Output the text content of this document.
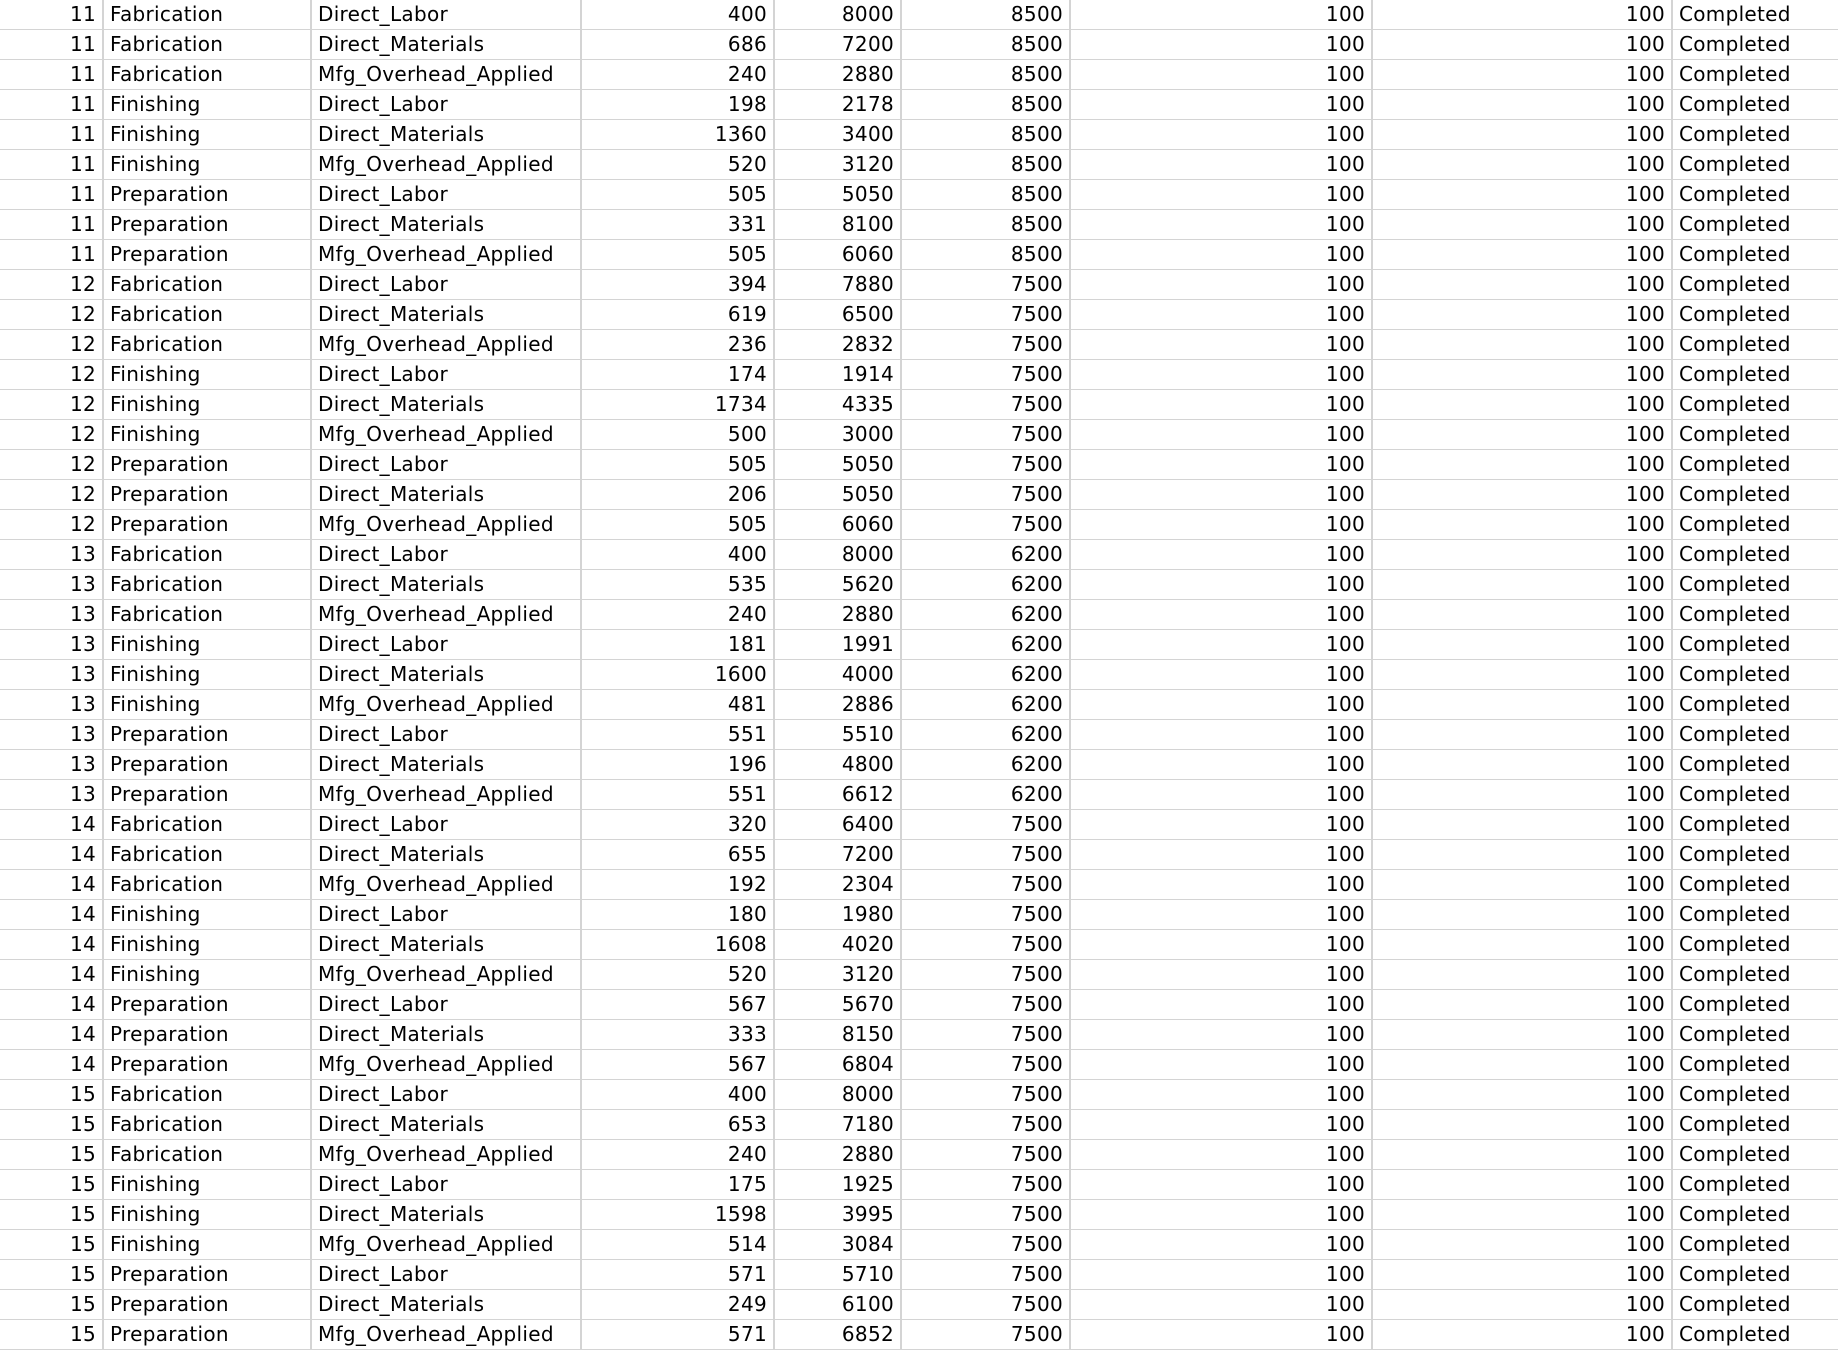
11	Fabrication	Direct_Labor	400	8000	8500	100	100	Completed
11	Fabrication	Direct_Materials	686	7200	8500	100	100	Completed
11	Fabrication	Mfg_Overhead_Applied	240	2880	8500	100	100	Completed
11	Finishing	Direct_Labor	198	2178	8500	100	100	Completed
11	Finishing	Direct_Materials	1360	3400	8500	100	100	Completed
11	Finishing	Mfg_Overhead_Applied	520	3120	8500	100	100	Completed
11	Preparation	Direct_Labor	505	5050	8500	100	100	Completed
11	Preparation	Direct_Materials	331	8100	8500	100	100	Completed
11	Preparation	Mfg_Overhead_Applied	505	6060	8500	100	100	Completed
12	Fabrication	Direct_Labor	394	7880	7500	100	100	Completed
12	Fabrication	Direct_Materials	619	6500	7500	100	100	Completed
12	Fabrication	Mfg_Overhead_Applied	236	2832	7500	100	100	Completed
12	Finishing	Direct_Labor	174	1914	7500	100	100	Completed
12	Finishing	Direct_Materials	1734	4335	7500	100	100	Completed
12	Finishing	Mfg_Overhead_Applied	500	3000	7500	100	100	Completed
12	Preparation	Direct_Labor	505	5050	7500	100	100	Completed
12	Preparation	Direct_Materials	206	5050	7500	100	100	Completed
12	Preparation	Mfg_Overhead_Applied	505	6060	7500	100	100	Completed
13	Fabrication	Direct_Labor	400	8000	6200	100	100	Completed
13	Fabrication	Direct_Materials	535	5620	6200	100	100	Completed
13	Fabrication	Mfg_Overhead_Applied	240	2880	6200	100	100	Completed
13	Finishing	Direct_Labor	181	1991	6200	100	100	Completed
13	Finishing	Direct_Materials	1600	4000	6200	100	100	Completed
13	Finishing	Mfg_Overhead_Applied	481	2886	6200	100	100	Completed
13	Preparation	Direct_Labor	551	5510	6200	100	100	Completed
13	Preparation	Direct_Materials	196	4800	6200	100	100	Completed
13	Preparation	Mfg_Overhead_Applied	551	6612	6200	100	100	Completed
14	Fabrication	Direct_Labor	320	6400	7500	100	100	Completed
14	Fabrication	Direct_Materials	655	7200	7500	100	100	Completed
14	Fabrication	Mfg_Overhead_Applied	192	2304	7500	100	100	Completed
14	Finishing	Direct_Labor	180	1980	7500	100	100	Completed
14	Finishing	Direct_Materials	1608	4020	7500	100	100	Completed
14	Finishing	Mfg_Overhead_Applied	520	3120	7500	100	100	Completed
14	Preparation	Direct_Labor	567	5670	7500	100	100	Completed
14	Preparation	Direct_Materials	333	8150	7500	100	100	Completed
14	Preparation	Mfg_Overhead_Applied	567	6804	7500	100	100	Completed
15	Fabrication	Direct_Labor	400	8000	7500	100	100	Completed
15	Fabrication	Direct_Materials	653	7180	7500	100	100	Completed
15	Fabrication	Mfg_Overhead_Applied	240	2880	7500	100	100	Completed
15	Finishing	Direct_Labor	175	1925	7500	100	100	Completed
15	Finishing	Direct_Materials	1598	3995	7500	100	100	Completed
15	Finishing	Mfg_Overhead_Applied	514	3084	7500	100	100	Completed
15	Preparation	Direct_Labor	571	5710	7500	100	100	Completed
15	Preparation	Direct_Materials	249	6100	7500	100	100	Completed
15	Preparation	Mfg_Overhead_Applied	571	6852	7500	100	100	Completed
